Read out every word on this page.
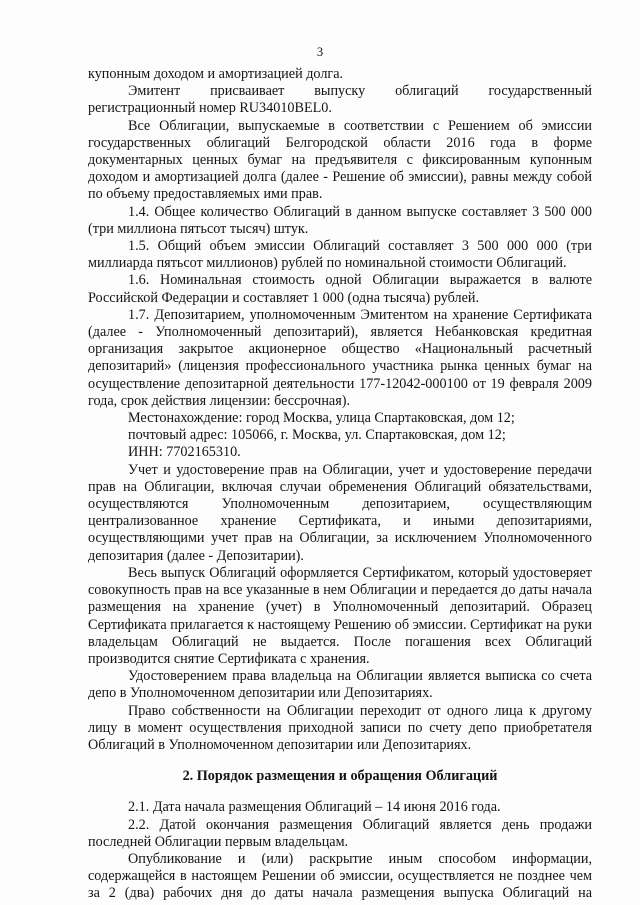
3

купонным доходом и амортизацией долга.

Эмитент присваивает выпуску облигаций государственный регистрационный номер RU34010BEL0.

Все Облигации, выпускаемые в соответствии с Решением об эмиссии государственных облигаций Белгородской области 2016 года в форме документарных ценных бумаг на предъявителя с фиксированным купонным доходом и амортизацией долга (далее - Решение об эмиссии), равны между собой по объему предоставляемых ими прав.

1.4. Общее количество Облигаций в данном выпуске составляет 3 500 000 (три миллиона пятьсот тысяч) штук.

1.5. Общий объем эмиссии Облигаций составляет 3 500 000 000 (три миллиарда пятьсот миллионов) рублей по номинальной стоимости Облигаций.

1.6. Номинальная стоимость одной Облигации выражается в валюте Российской Федерации и составляет 1 000 (одна тысяча) рублей.

1.7. Депозитарием, уполномоченным Эмитентом на хранение Сертификата (далее - Уполномоченный депозитарий), является Небанковская кредитная организация закрытое акционерное общество «Национальный расчетный депозитарий» (лицензия профессионального участника рынка ценных бумаг на осуществление депозитарной деятельности 177-12042-000100 от 19 февраля 2009 года, срок действия лицензии: бессрочная).

Местонахождение: город Москва, улица Спартаковская, дом 12;

почтовый адрес: 105066, г. Москва, ул. Спартаковская, дом 12;

ИНН: 7702165310.

Учет и удостоверение прав на Облигации, учет и удостоверение передачи прав на Облигации, включая случаи обременения Облигаций обязательствами, осуществляются Уполномоченным депозитарием, осуществляющим централизованное хранение Сертификата, и иными депозитариями, осуществляющими учет прав на Облигации, за исключением Уполномоченного депозитария (далее - Депозитарии).

Весь выпуск Облигаций оформляется Сертификатом, который удостоверяет совокупность прав на все указанные в нем Облигации и передается до даты начала размещения на хранение (учет) в Уполномоченный депозитарий. Образец Сертификата прилагается к настоящему Решению об эмиссии. Сертификат на руки владельцам Облигаций не выдается. После погашения всех Облигаций производится снятие Сертификата с хранения.

Удостоверением права владельца на Облигации является выписка со счета депо в Уполномоченном депозитарии или Депозитариях.

Право собственности на Облигации переходит от одного лица к другому лицу в момент осуществления приходной записи по счету депо приобретателя Облигаций в Уполномоченном депозитарии или Депозитариях.

2. Порядок размещения и обращения Облигаций

2.1. Дата начала размещения Облигаций – 14 июня 2016 года.

2.2. Датой окончания размещения Облигаций является день продажи последней Облигации первым владельцам.

Опубликование и (или) раскрытие иным способом информации, содержащейся в настоящем Решении об эмиссии, осуществляется не позднее чем за 2 (два) рабочих дня до даты начала размещения выпуска Облигаций на
